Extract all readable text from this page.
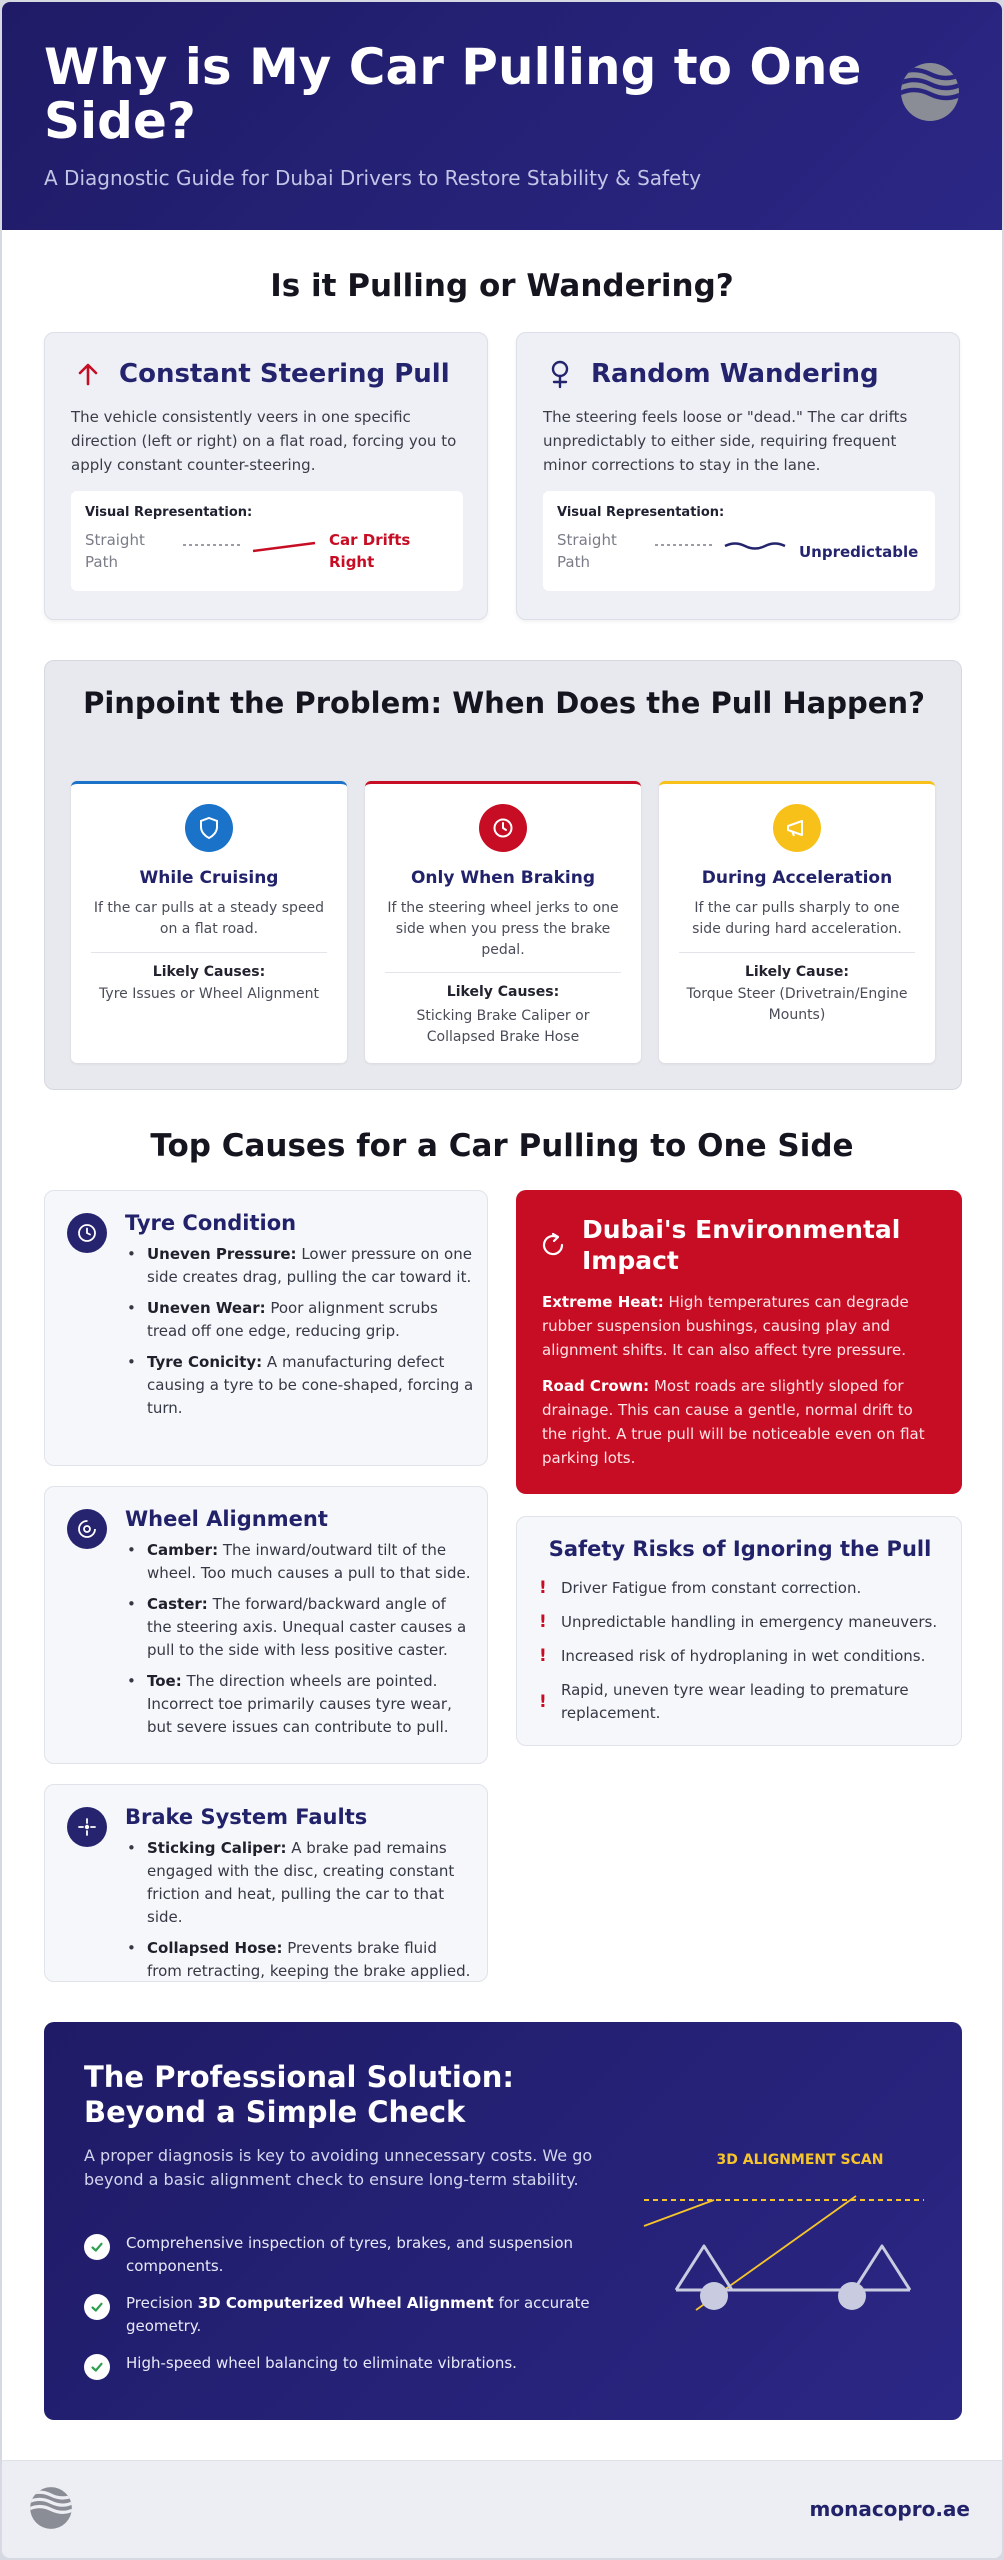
Why is My Car Pulling to One Side?
A Diagnostic Guide for Dubai Drivers to Restore Stability & Safety
Is it Pulling or Wandering?
Constant Steering Pull
The vehicle consistently veers in one specific direction (left or right) on a flat road, forcing you to apply constant counter-steering.
Visual Representation:
Straight Path
Car Drifts Right
Random Wandering
The steering feels loose or "dead." The car drifts unpredictably to either side, requiring frequent minor corrections to stay in the lane.
Visual Representation:
Straight Path
Unpredictable
Pinpoint the Problem: When Does the Pull Happen?
While Cruising
If the car pulls at a steady speed on a flat road.
Likely Causes:
Tyre Issues or Wheel Alignment
Only When Braking
If the steering wheel jerks to one side when you press the brake pedal.
Likely Causes:
Sticking Brake Caliper or Collapsed Brake Hose
During Acceleration
If the car pulls sharply to one side during hard acceleration.
Likely Cause:
Torque Steer (Drivetrain/Engine Mounts)
Top Causes for a Car Pulling to One Side
Tyre Condition
• Uneven Pressure: Lower pressure on one side creates drag, pulling the car toward it.
• Uneven Wear: Poor alignment scrubs tread off one edge, reducing grip.
• Tyre Conicity: A manufacturing defect causing a tyre to be cone-shaped, forcing a turn.
Wheel Alignment
• Camber: The inward/outward tilt of the wheel. Too much causes a pull to that side.
• Caster: The forward/backward angle of the steering axis. Unequal caster causes a pull to the side with less positive caster.
• Toe: The direction wheels are pointed. Incorrect toe primarily causes tyre wear, but severe issues can contribute to pull.
Brake System Faults
• Sticking Caliper: A brake pad remains engaged with the disc, creating constant friction and heat, pulling the car to that side.
• Collapsed Hose: Prevents brake fluid from retracting, keeping the brake applied.
Dubai's Environmental Impact
Extreme Heat: High temperatures can degrade rubber suspension bushings, causing play and alignment shifts. It can also affect tyre pressure.
Road Crown: Most roads are slightly sloped for drainage. This can cause a gentle, normal drift to the right. A true pull will be noticeable even on flat parking lots.
Safety Risks of Ignoring the Pull
! Driver Fatigue from constant correction.
! Unpredictable handling in emergency maneuvers.
! Increased risk of hydroplaning in wet conditions.
!
Rapid, uneven tyre wear leading to premature replacement.
The Professional Solution: Beyond a Simple Check
A proper diagnosis is key to avoiding unnecessary costs. We go beyond a basic alignment check to ensure long-term stability.
Comprehensive inspection of tyres, brakes, and suspension components.
Precision 3D Computerized Wheel Alignment for accurate geometry.
High-speed wheel balancing to eliminate vibrations.
3D ALIGNMENT SCAN
monacopro.ae
